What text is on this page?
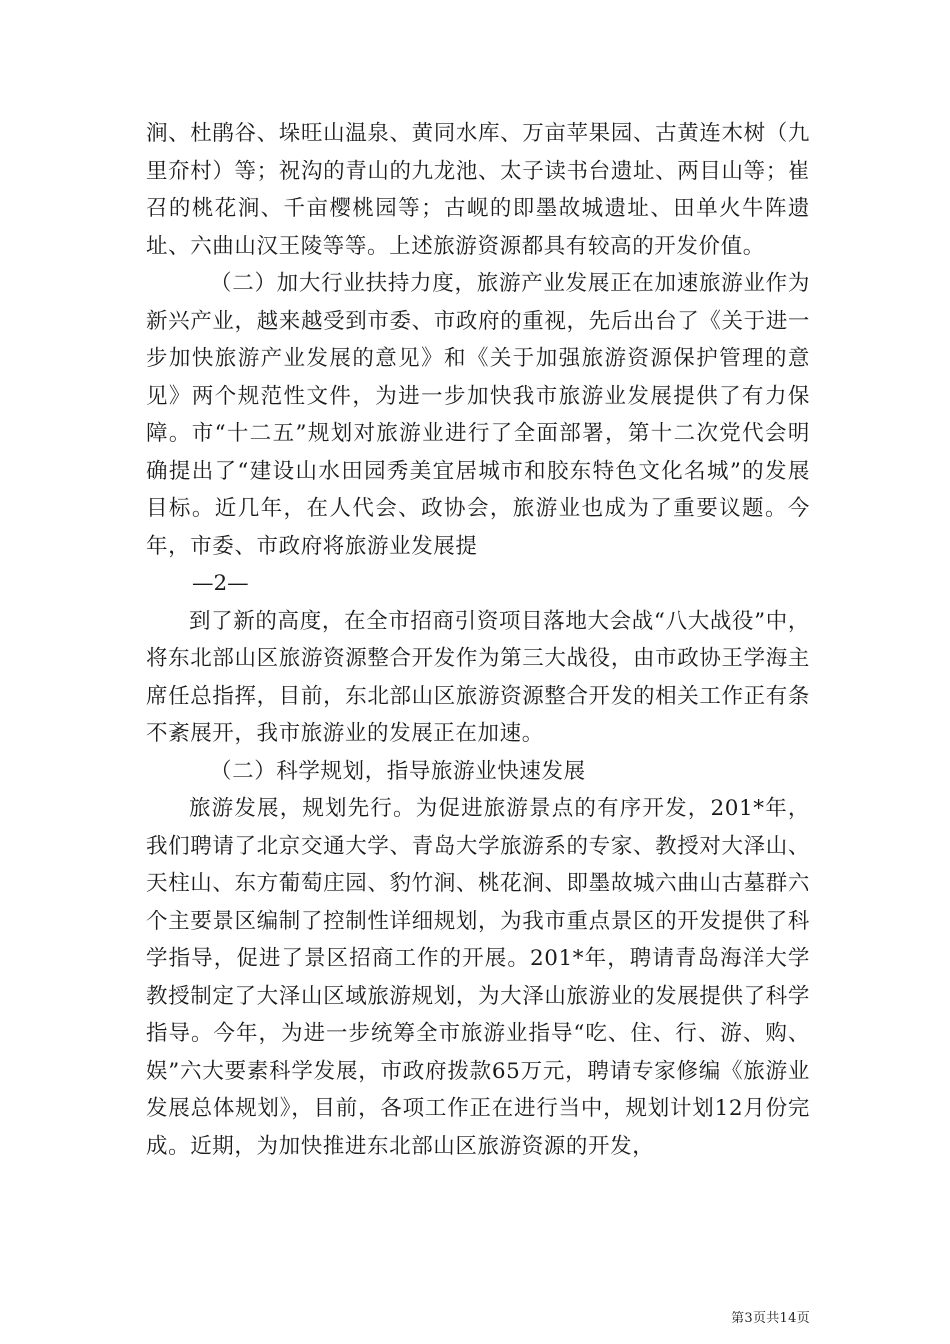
涧、杜鹃谷、垛旺山温泉、黄同水库、万亩苹果园、古黄连木树（九里夼村）等；祝沟的青山的九龙池、太子读书台遗址、两目山等；崔召的桃花涧、千亩樱桃园等；古岘的即墨故城遗址、田单火牛阵遗址、六曲山汉王陵等等。上述旅游资源都具有较高的开发价值。

（二）加大行业扶持力度，旅游产业发展正在加速旅游业作为新兴产业，越来越受到市委、市政府的重视，先后出台了《关于进一步加快旅游产业发展的意见》和《关于加强旅游资源保护管理的意见》两个规范性文件，为进一步加快我市旅游业发展提供了有力保障。市“十二五”规划对旅游业进行了全面部署，第十二次党代会明确提出了“建设山水田园秀美宜居城市和胶东特色文化名城”的发展目标。近几年，在人代会、政协会，旅游业也成为了重要议题。今年，市委、市政府将旅游业发展提

—2—

到了新的高度，在全市招商引资项目落地大会战“八大战役”中，将东北部山区旅游资源整合开发作为第三大战役，由市政协王学海主席任总指挥，目前，东北部山区旅游资源整合开发的相关工作正有条不紊展开，我市旅游业的发展正在加速。

（二）科学规划，指导旅游业快速发展

旅游发展，规划先行。为促进旅游景点的有序开发，201*年，我们聘请了北京交通大学、青岛大学旅游系的专家、教授对大泽山、天柱山、东方葡萄庄园、豹竹涧、桃花涧、即墨故城六曲山古墓群六个主要景区编制了控制性详细规划，为我市重点景区的开发提供了科学指导，促进了景区招商工作的开展。201*年，聘请青岛海洋大学教授制定了大泽山区域旅游规划，为大泽山旅游业的发展提供了科学指导。今年，为进一步统筹全市旅游业指导“吃、住、行、游、购、娱”六大要素科学发展，市政府拨款65万元，聘请专家修编《旅游业发展总体规划》，目前，各项工作正在进行当中，规划计划12月份完成。近期，为加快推进东北部山区旅游资源的开发，

第3页共14页
